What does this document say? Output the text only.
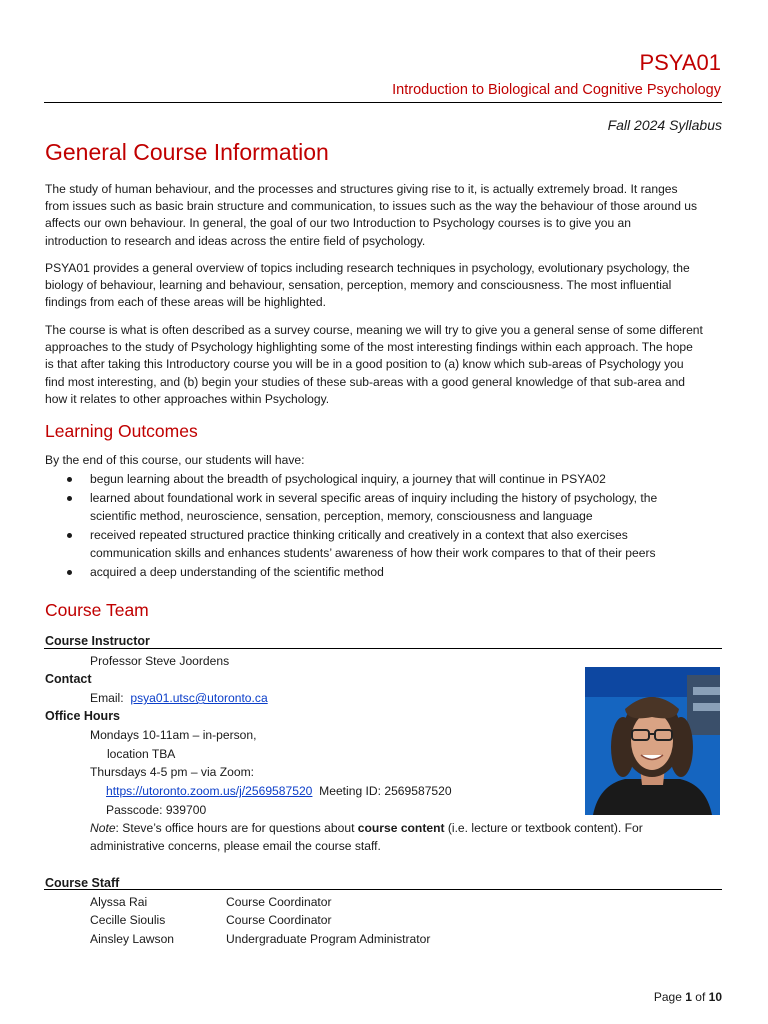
PSYA01
Introduction to Biological and Cognitive Psychology
Fall 2024 Syllabus
General Course Information

The study of human behaviour, and the processes and structures giving rise to it, is actually extremely broad. It ranges
from issues such as basic brain structure and communication, to issues such as the way the behaviour of those around us
affects our own behaviour. In general, the goal of our two Introduction to Psychology courses is to give you an
introduction to research and ideas across the entire field of psychology.

PSYA01 provides a general overview of topics including research techniques in psychology, evolutionary psychology, the
biology of behaviour, learning and behaviour, sensation, perception, memory and consciousness. The most influential
findings from each of these areas will be highlighted.

The course is what is often described as a survey course, meaning we will try to give you a general sense of some different
approaches to the study of Psychology highlighting some of the most interesting findings within each approach. The hope
is that after taking this Introductory course you will be in a good position to (a) know which sub-areas of Psychology you
find most interesting, and (b) begin your studies of these sub-areas with a good general knowledge of that sub-area and
how it relates to other approaches within Psychology.

Learning Outcomes
By the end of this course, our students will have:
begun learning about the breadth of psychological inquiry, a journey that will continue in PSYA02
learned about foundational work in several specific areas of inquiry including the history of psychology, the
scientific method, neuroscience, sensation, perception, memory, consciousness and language
received repeated structured practice thinking critically and creatively in a context that also exercises
communication skills and enhances students’ awareness of how their work compares to that of their peers
acquired a deep understanding of the scientific method
Course Team
Course Instructor
Professor Steve Joordens
Contact
Email: psya01.utsc@utoronto.ca
Office Hours
Mondays 10-11am – in-person,
location TBA
Thursdays 4-5 pm – via Zoom:
https://utoronto.zoom.us/j/2569587520 Meeting ID: 2569587520
Passcode: 939700
Note: Steve’s office hours are for questions about course content (i.e. lecture or textbook content). For
administrative concerns, please email the course staff.
Course Staff
Alyssa Rai	Course Coordinator
Cecille Sioulis	Course Coordinator
Ainsley Lawson	Undergraduate Program Administrator
Page 1 of 10
